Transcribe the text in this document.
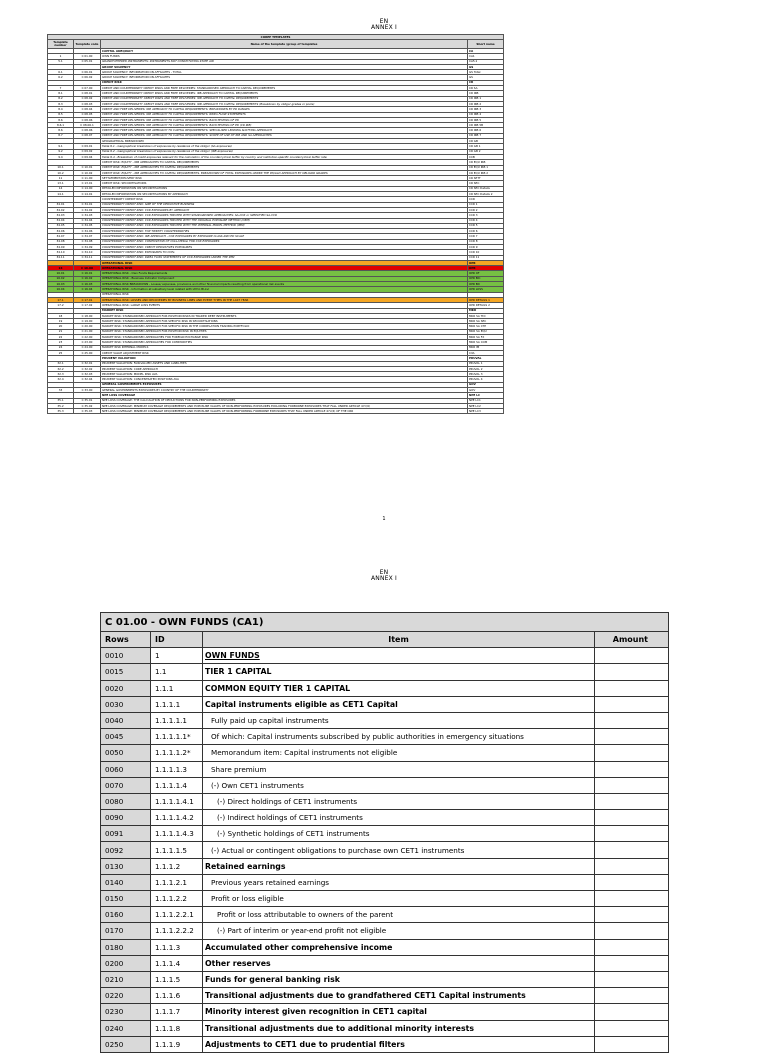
EN
ANNEX I
COREP TEMPLATES			
Template number	Template code	Name of the template /group of templates	Short name
		CAPITAL ADEQUACY	CA
1	C 01.00	OWN FUNDS	CA1
5.1	C 05.01	GRANDFATHERED INSTRUMENTS: INSTRUMENTS NOT CONSTITUTING STATE AID	CA5.1
		GROUP SOLVENCY	GS
6.1	C 06.01	GROUP SOLVENCY: INFORMATION ON AFFILIATES - TOTAL	GS Total
6.2	C 06.02	GROUP SOLVENCY: INFORMATION ON AFFILIATES	GS
		CREDIT RISK	CR
7	C 07.00	CREDIT AND COUNTERPARTY CREDIT RISKS AND FREE DELIVERIES: STANDARDISED APPROACH TO CAPITAL REQUIREMENTS	CR SA
8.1	C 08.01	CREDIT AND COUNTERPARTY CREDIT RISKS AND FREE DELIVERIES: IRB APPROACH TO CAPITAL REQUIREMENTS	CR IRB
8.2	C 08.02	CREDIT AND COUNTERPARTY CREDIT RISKS AND FREE DELIVERIES: IRB APPROACH TO CAPITAL REQUIREMENTS	CR IRB 1
8.3	C 08.03	CREDIT AND COUNTERPARTY CREDIT RISKS AND FREE DELIVERIES: IRB APPROACH TO CAPITAL REQUIREMENTS (Breakdown by obligor grades or pools)	CR IRB 2
8.4	C 08.04	CREDIT AND FREE DELIVERIES: IRB APPROACH TO CAPITAL REQUIREMENTS: BREAKDOWN BY PD RANGES	CR IRB 3
8.5	C 08.05	CREDIT AND FREE DELIVERIES: IRB APPROACH TO CAPITAL REQUIREMENTS: RWEA FLOW STATEMENTS	CR IRB 4
8.6	C 08.06	CREDIT AND FREE DELIVERIES: IRB APPROACH TO CAPITAL REQUIREMENTS: BACK-TESTING OF PD	CR IRB 5
8.6.1	C 08.06.1	CREDIT AND FREE DELIVERIES: IRB APPROACH TO CAPITAL REQUIREMENTS: BACK-TESTING OF PD (CR IRB)	CR IRB 5B
8.6	C 08.06	CREDIT AND FREE DELIVERIES: IRB APPROACH TO CAPITAL REQUIREMENTS: SPECIALISED LENDING SLOTTING APPROACH	CR IRB 6
8.7	C 08.07	CREDIT AND FREE DELIVERIES: IRB APPROACH TO CAPITAL REQUIREMENTS: SCOPE OF USE OF IRB AND SA APPROACHES	CR IRB 7
		GEOGRAPHICAL BREAKDOWN	CR GB
9.1	C 09.01	Table 9.1 - Geographical breakdown of exposures by residence of the obligor (SA exposures)	CR GB 1
9.2	C 09.02	Table 9.2 - Geographical breakdown of exposures by residence of the obligor (IRB exposures)	CR GB 2
9.4	C 09.04	Table 9.4 - Breakdown of credit exposures relevant for the calculation of the countercyclical buffer by country and institution-specific countercyclical buffer rate	CCB
		CREDIT RISK: EQUITY - IRB APPROACHES TO CAPITAL REQUIREMENTS	CR EQU IRB
10.1	C 10.01	CREDIT RISK: EQUITY - IRB APPROACHES TO CAPITAL REQUIREMENTS	CR EQU IRB 1
10.2	C 10.02	CREDIT RISK: EQUITY - IRB APPROACHES TO CAPITAL REQUIREMENTS. BREAKDOWN OF TOTAL EXPOSURES UNDER THE PD/LGD APPROACH BY OBLIGOR GRADES	CR EQU IRB 2
11	C 11.00	SETTLEMENT/DELIVERY RISK	CR SETT
13.1	C 13.01	CREDIT RISK: SECURITISATIONS	CR SEC
14	C 14.00	DETAILED INFORMATION ON SECURITISATIONS	CR SEC Details
14.1	C 14.01	DETAILED INFORMATION ON SECURITISATIONS BY APPROACH	CR SEC Details 2
		COUNTERPARTY CREDIT RISK	CCR
34.01	C 34.01	COUNTERPARTY CREDIT RISK: SIZE OF THE DERIVATIVE BUSINESS	CCR 1
34.02	C 34.02	COUNTERPARTY CREDIT RISK: CCR EXPOSURES BY APPROACH	CCR 2
34.03	C 34.03	COUNTERPARTY CREDIT RISK: CCR EXPOSURES TREATED WITH STANDARDISED APPROACHES: SA-CCR or SIMPLIFIED SA-CCR	CCR 3
34.04	C 34.04	COUNTERPARTY CREDIT RISK: CCR EXPOSURES TREATED WITH THE ORIGINAL EXPOSURE METHOD (OEM)	CCR 4
34.05	C 34.05	COUNTERPARTY CREDIT RISK: CCR EXPOSURES TREATED WITH THE INTERNAL MODEL METHOD (IMM)	CCR 5
34.06	C 34.06	COUNTERPARTY CREDIT RISK: TOP TWENTY COUNTERPARTIES	CCR 6
34.07	C 34.07	COUNTERPARTY CREDIT RISK: IRB APPROACH - CCR EXPOSURES BY EXPOSURE CLASS AND PD SCALE	CCR 7
34.08	C 34.08	COUNTERPARTY CREDIT RISK: COMPOSITION OF COLLATERAL FOR CCR EXPOSURES	CCR 8
34.09	C 34.09	COUNTERPARTY CREDIT RISK: CREDIT DERIVATIVES EXPOSURES	CCR 9
34.10	C 34.10	COUNTERPARTY CREDIT RISK: EXPOSURES TO CCPs	CCR 10
34.11	C 34.11	COUNTERPARTY CREDIT RISK: RWEA FLOW STATEMENTS OF CCR EXPOSURES UNDER THE IMM	CCR 11
		OPERATIONAL RISK	OPR
16	C 16.00	OPERATIONAL RISK	OPR
16.01	C 16.01	OPERATIONAL RISK - Own Funds Requirements	OPR OF
16.02	C 16.02	OPERATIONAL RISK - Business Indicator Component	OPR BIC
16.03	C 16.03	OPERATIONAL RISK BREAKDOWN - Losses/ expenses, provisions and other financial impacts resulting from operational risk events	OPR BD
16.04	C 16.04	OPERATIONAL RISK - Information at subsidiary level related with LM to BI-Lvl	OPR LOSS
		OPERATIONAL RISK	
17.1	C 17.01	OPERATIONAL RISK: LOSSES AND RECOVERIES BY BUSINESS LINES AND EVENT TYPES IN THE LAST YEAR	OPR DETAILS 1
17.2	C 17.02	OPERATIONAL RISK: LARGE LOSS EVENTS	OPR DETAILS 2
		MARKET RISK	MKR
18	C 18.00	MARKET RISK: STANDARDISED APPROACH FOR POSITION RISKS IN TRADED DEBT INSTRUMENTS	MKR SA TDI
19	C 19.00	MARKET RISK: STANDARDISED APPROACH FOR SPECIFIC RISK IN SECURITISATIONS	MKR SA SEC
20	C 20.00	MARKET RISK: STANDARDISED APPROACH FOR SPECIFIC RISK IN THE CORRELATION TRADING PORTFOLIO	MKR SA CTP
21	C 21.00	MARKET RISK: STANDARDISED APPROACH FOR POSITION RISK IN EQUITIES	MKR SA EQU
22	C 22.00	MARKET RISK: STANDARDISED APPROACHES FOR FOREIGN EXCHANGE RISK	MKR SA FX
23	C 23.00	MARKET RISK: STANDARDISED APPROACHES FOR COMMODITIES	MKR SA COM
24	C 24.00	MARKET RISK INTERNAL MODELS	MKR IM
25	C 25.00	CREDIT VALUE ADJUSTMENT RISK	CVA
		PRUDENT VALUATION	PRUVAL
32.1	C 32.01	PRUDENT VALUATION: FAIR-VALUED ASSETS AND LIABILITIES	PRUVAL 1
32.2	C 32.02	PRUDENT VALUATION: CORE APPROACH	PRUVAL 2
32.3	C 32.03	PRUDENT VALUATION: MODEL RISK AVA	PRUVAL 3
32.4	C 32.04	PRUDENT VALUATION: CONCENTRATED POSITIONS AVA	PRUVAL 4
		GENERAL GOVERNMENTS EXPOSURES	GOV
33	C 33.00	GENERAL GOVERNMENTS EXPOSURES BY COUNTRY OF THE COUNTERPARTY	GOV
		NPE LOSS COVERAGE	NPE LC
35.1	C 35.01	NPE LOSS COVERAGE: THE CALCULATION OF DEDUCTIONS FOR NON-PERFORMING EXPOSURES	NPE LC1
35.2	C 35.02	NPE LOSS COVERAGE: MINIMUM COVERAGE REQUIREMENTS AND EXPOSURE VALUES OF NON-PERFORMING EXPOSURES EXCLUDING FORBORNE EXPOSURES THAT FALL UNDER ARTICLE 47c(6)	NPE LC2
35.3	C 35.03	NPE LOSS COVERAGE: MINIMUM COVERAGE REQUIREMENTS AND EXPOSURE VALUES OF NON-PERFORMING FORBORNE EXPOSURES THAT FALL UNDER ARTICLE 47c(6) OF THE CRR	NPE LC3
1
EN
ANNEX I
C 01.00 - OWN FUNDS (CA1)			
Rows	ID	Item	Amount
0010	1	OWN FUNDS	
0015	1.1	TIER 1 CAPITAL	
0020	1.1.1	COMMON EQUITY TIER 1 CAPITAL	
0030	1.1.1.1	Capital instruments eligible as CET1 Capital	
0040	1.1.1.1.1	Fully paid up capital instruments	
0045	1.1.1.1.1*	Of which: Capital instruments subscribed by public authorities in emergency situations	
0050	1.1.1.1.2*	Memorandum item: Capital instruments not eligible	
0060	1.1.1.1.3	Share premium	
0070	1.1.1.1.4	(-) Own CET1 instruments	
0080	1.1.1.1.4.1	(-) Direct holdings of CET1 instruments	
0090	1.1.1.1.4.2	(-) Indirect holdings of CET1 instruments	
0091	1.1.1.1.4.3	(-) Synthetic holdings of CET1 instruments	
0092	1.1.1.1.5	(-) Actual or contingent obligations to purchase own CET1 instruments	
0130	1.1.1.2	Retained earnings	
0140	1.1.1.2.1	Previous years retained earnings	
0150	1.1.1.2.2	Profit or loss eligible	
0160	1.1.1.2.2.1	Profit or loss attributable to owners of the parent	
0170	1.1.1.2.2.2	(-) Part of interim or year-end profit not eligible	
0180	1.1.1.3	Accumulated other comprehensive income	
0200	1.1.1.4	Other reserves	
0210	1.1.1.5	Funds for general banking risk	
0220	1.1.1.6	Transitional adjustments due to grandfathered CET1 Capital instruments	
0230	1.1.1.7	Minority interest given recognition in CET1 capital	
0240	1.1.1.8	Transitional adjustments due to additional minority interests	
0250	1.1.1.9	Adjustments to CET1 due to prudential filters	
